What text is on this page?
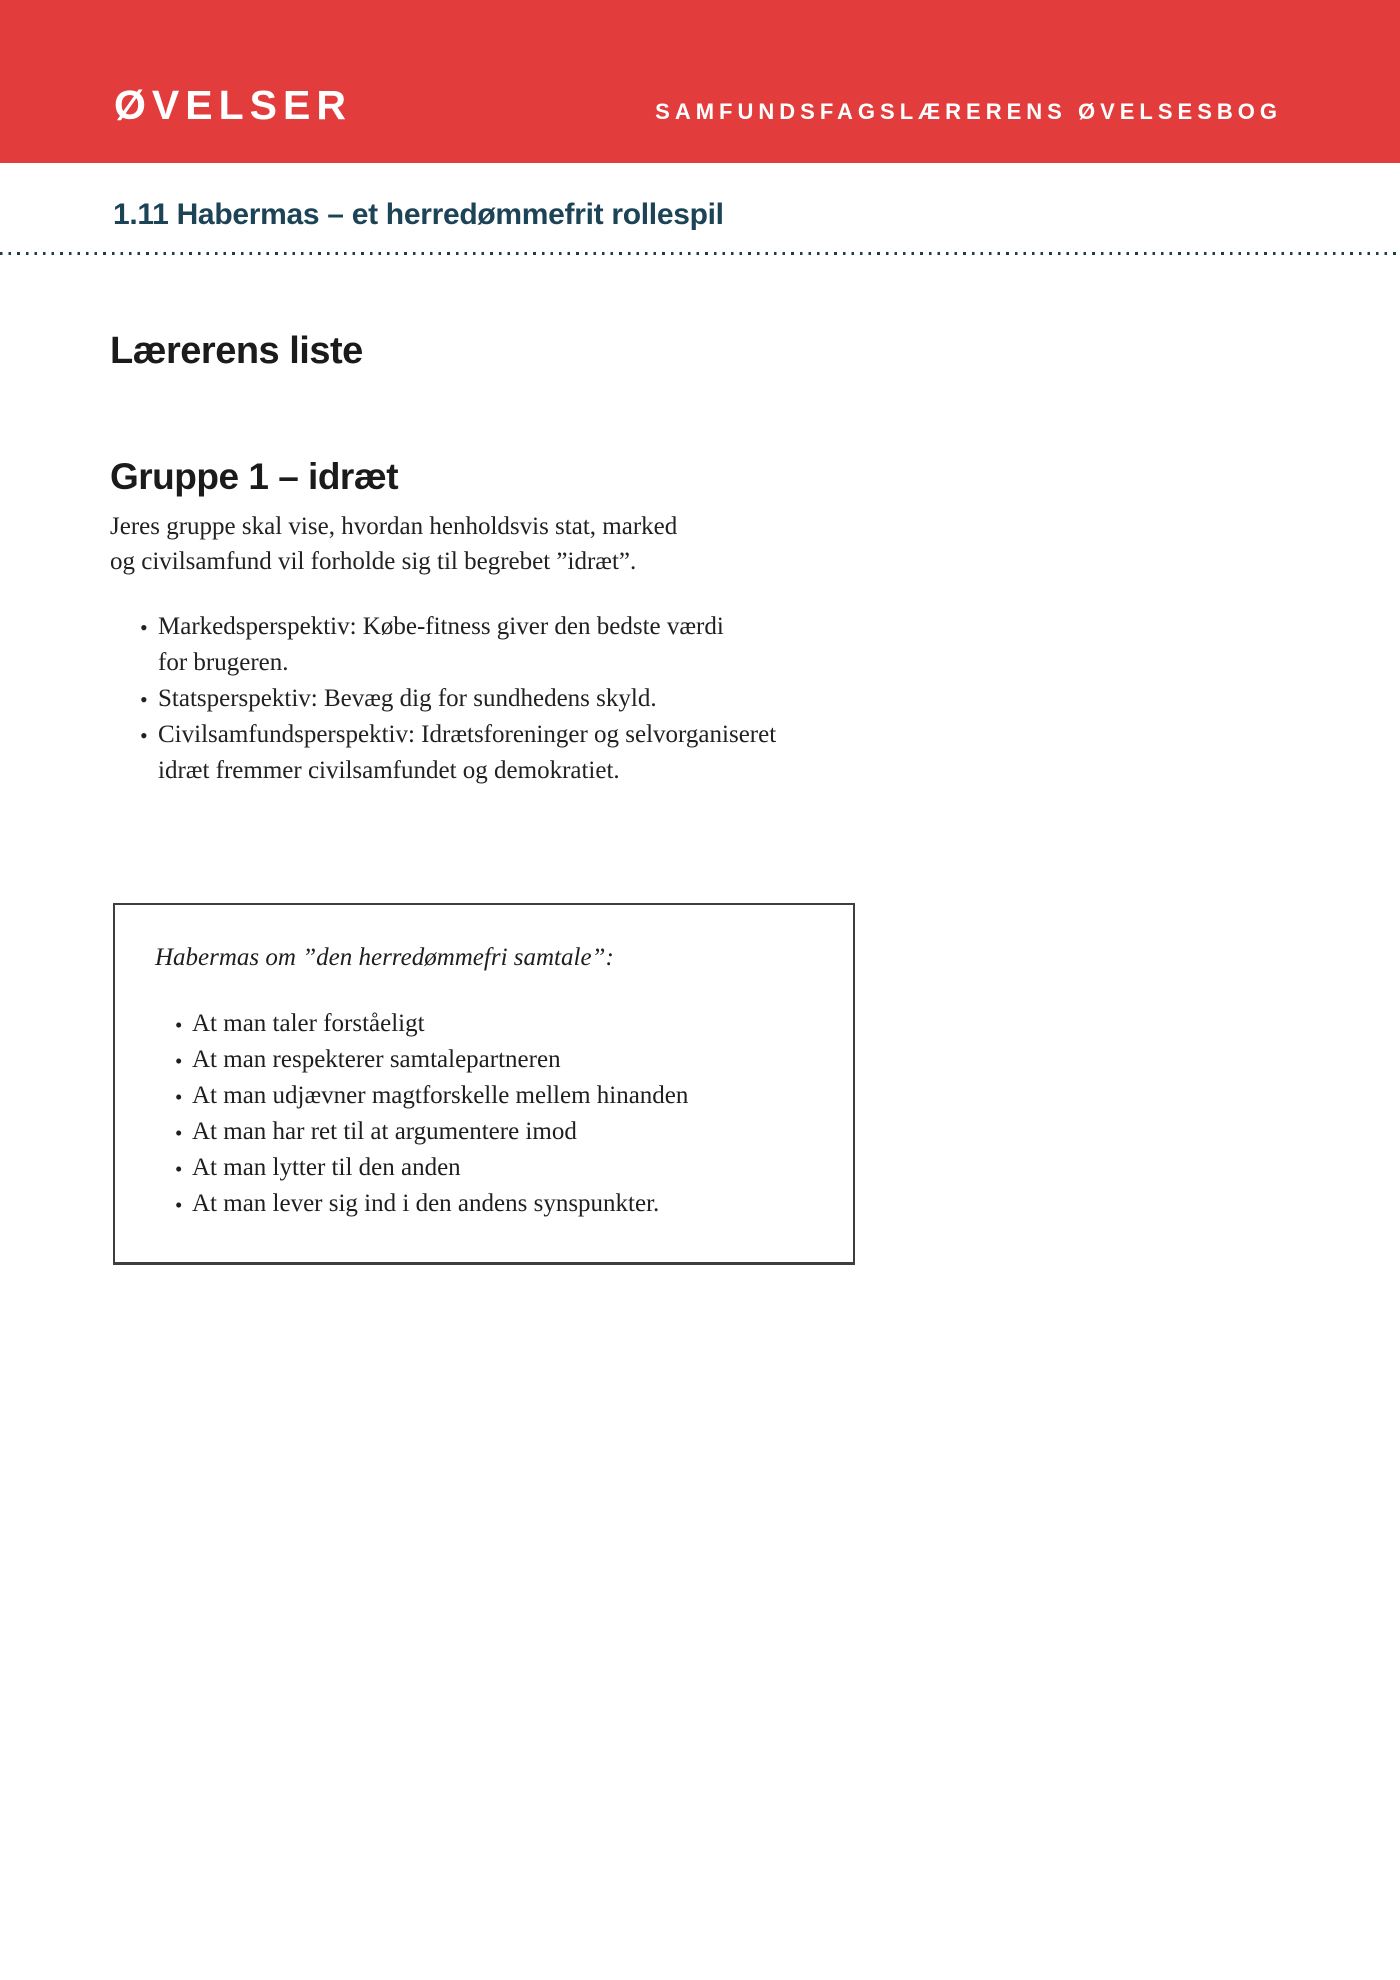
ØVELSER	SAMFUNDSFAGSLÆRERENS ØVELSESBOG
1.11 Habermas – et herredømmefrit rollespil
Lærerens liste
Gruppe 1 – idræt

Jeres gruppe skal vise, hvordan henholdsvis stat, marked
og civilsamfund vil forholde sig til begrebet ”idræt”.

• Markedsperspektiv: Købe-fitness giver den bedste værdi
for brugeren.
• Statsperspektiv: Bevæg dig for sundhedens skyld.
• Civilsamfundsperspektiv: Idrætsforeninger og selvorganiseret
idræt fremmer civilsamfundet og demokratiet.

Habermas om ”den herredømmefri samtale”:

• At man taler forståeligt
• At man respekterer samtalepartneren
• At man udjævner magtforskelle mellem hinanden
• At man har ret til at argumentere imod
• At man lytter til den anden
• At man lever sig ind i den andens synspunkter.
